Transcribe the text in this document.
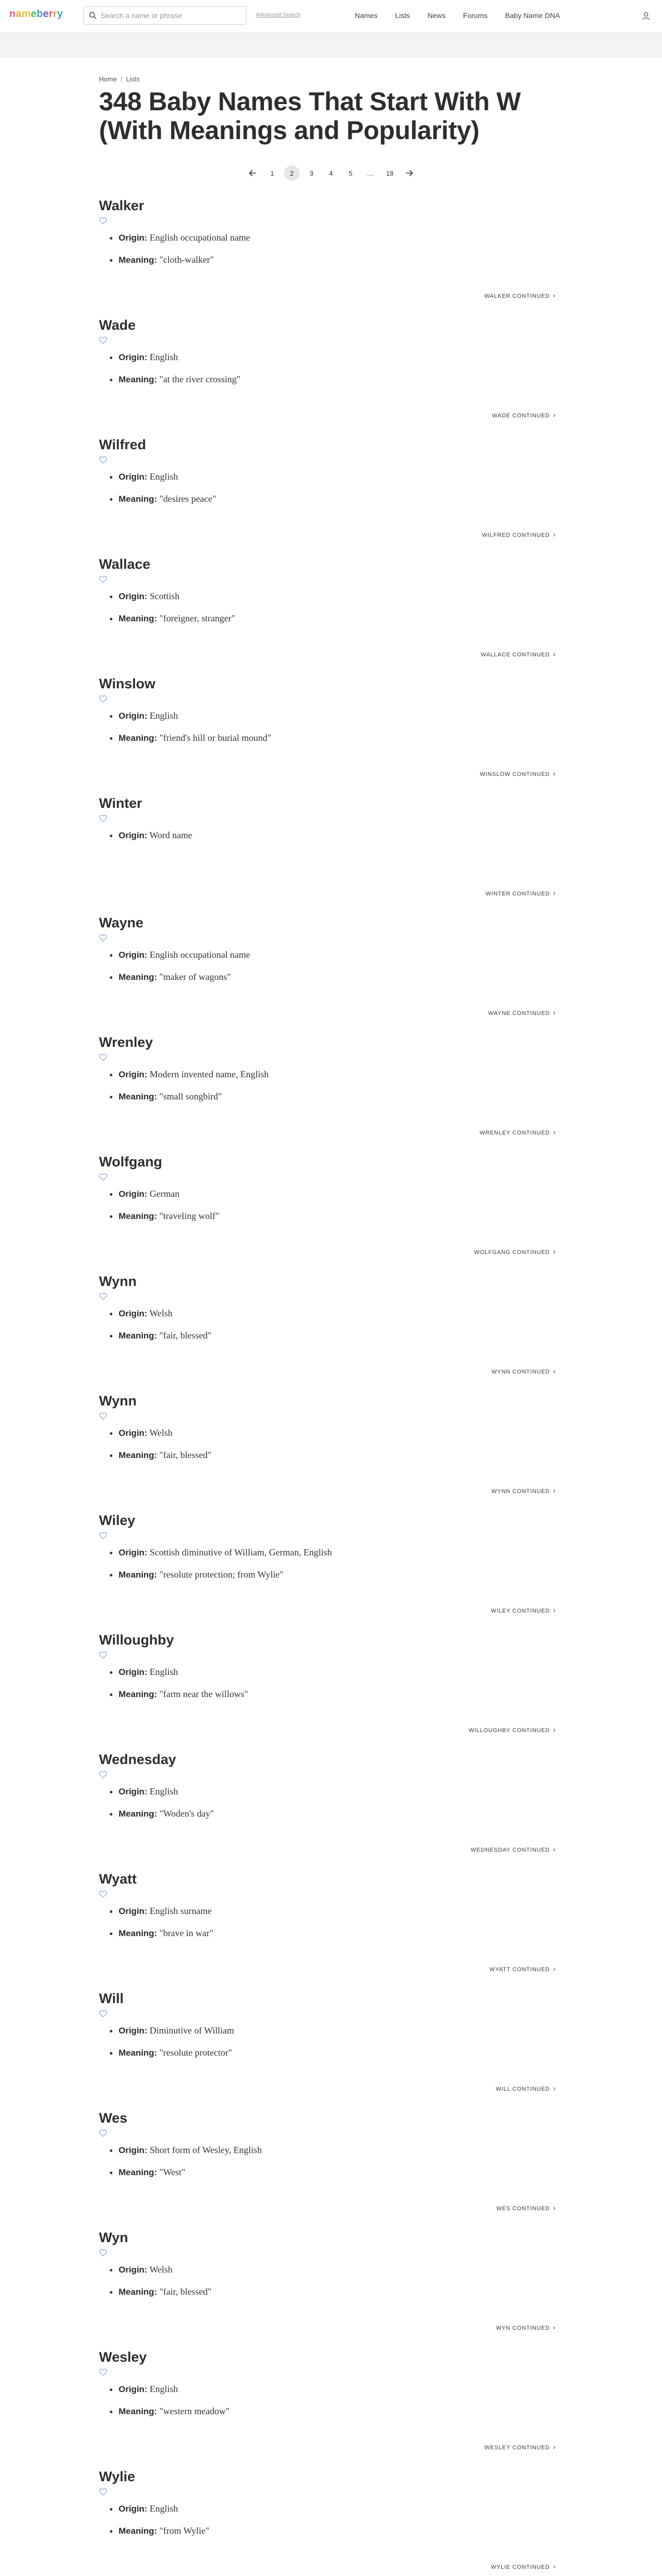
nameberry
Search a name or phrase	Advanced Search	Names Lists News Forums Baby Name DNA
Home / Lists
348 Baby Names That Start With W (With Meanings and Popularity)
1	2	3	4	5	…	18
Walker
• Origin: English occupational name
• Meaning: "cloth-walker"
WALKER CONTINUED ›
Wade
• Origin: English
• Meaning: "at the river crossing"
WADE CONTINUED ›
Wilfred
• Origin: English
• Meaning: "desires peace"
WILFRED CONTINUED ›
Wallace
• Origin: Scottish
• Meaning: "foreigner, stranger"
WALLACE CONTINUED ›
Winslow
• Origin: English
• Meaning: "friend's hill or burial mound"
WINSLOW CONTINUED ›
Winter
• Origin: Word name
WINTER CONTINUED ›
Wayne
• Origin: English occupational name
• Meaning: "maker of wagons"
WAYNE CONTINUED ›
Wrenley
• Origin: Modern invented name, English
• Meaning: "small songbird"
WRENLEY CONTINUED ›
Wolfgang
• Origin: German
• Meaning: "traveling wolf"
WOLFGANG CONTINUED ›
Wynn
• Origin: Welsh
• Meaning: "fair, blessed"
WYNN CONTINUED ›
Wynn
• Origin: Welsh
• Meaning: "fair, blessed"
WYNN CONTINUED ›
Wiley
• Origin: Scottish diminutive of William, German, English
• Meaning: "resolute protection; from Wylie"
WILEY CONTINUED ›
Willoughby
• Origin: English
• Meaning: "farm near the willows"
WILLOUGHBY CONTINUED ›
Wednesday
• Origin: English
• Meaning: "Woden's day"
WEDNESDAY CONTINUED ›
Wyatt
• Origin: English surname
• Meaning: "brave in war"
WYATT CONTINUED ›
Will
• Origin: Diminutive of William
• Meaning: "resolute protector"
WILL CONTINUED ›
Wes
• Origin: Short form of Wesley, English
• Meaning: "West"
WES CONTINUED ›
Wyn
• Origin: Welsh
• Meaning: "fair, blessed"
WYN CONTINUED ›
Wesley
• Origin: English
• Meaning: "western meadow"
WESLEY CONTINUED ›
Wylie
• Origin: English
• Meaning: "from Wylie"
WYLIE CONTINUED ›
